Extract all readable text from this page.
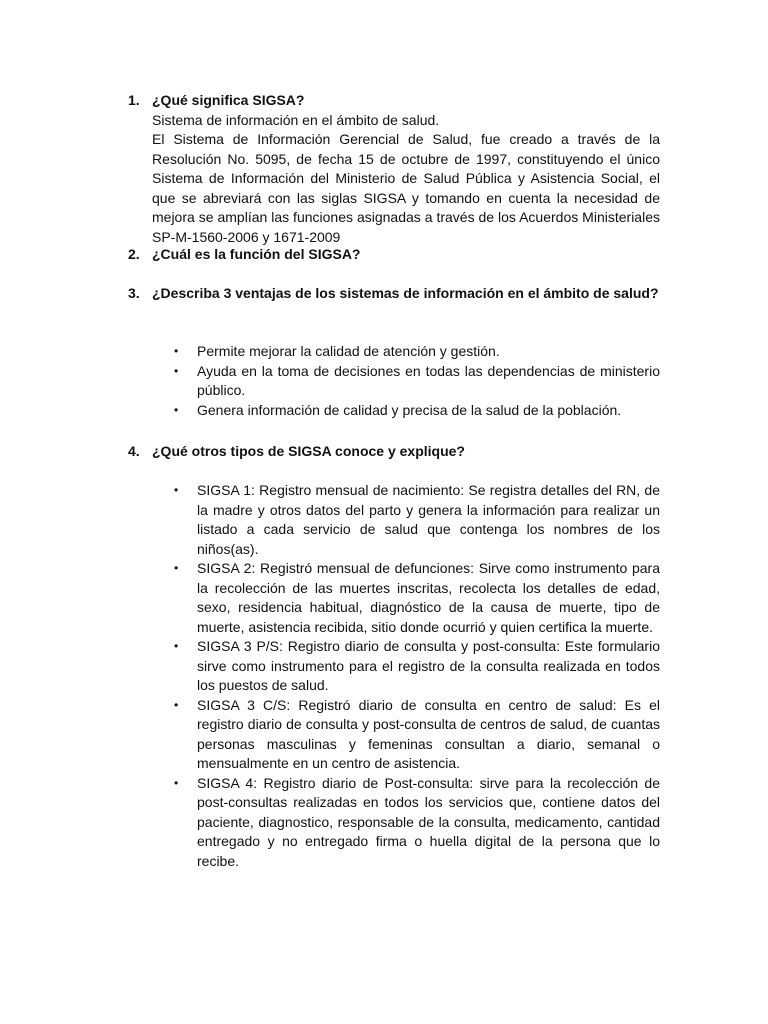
1. ¿Qué significa SIGSA?

Sistema de información en el ámbito de salud.

El Sistema de Información Gerencial de Salud, fue creado a través de la Resolución No. 5095, de fecha 15 de octubre de 1997, constituyendo el único Sistema de Información del Ministerio de Salud Pública y Asistencia Social, el que se abreviará con las siglas SIGSA y tomando en cuenta la necesidad de mejora se amplían las funciones asignadas a través de los Acuerdos Ministeriales SP-M-1560-2006 y 1671-2009

2. ¿Cuál es la función del SIGSA?
3. ¿Describa 3 ventajas de los sistemas de información en el ámbito de salud?
• Permite mejorar la calidad de atención y gestión.
• Ayuda en la toma de decisiones en todas las dependencias de ministerio público.
• Genera información de calidad y precisa de la salud de la población.
4. ¿Qué otros tipos de SIGSA conoce y explique?
• SIGSA 1: Registro mensual de nacimiento: Se registra detalles del RN, de la madre y otros datos del parto y genera la información para realizar un listado a cada servicio de salud que contenga los nombres de los niños(as).
• SIGSA 2: Registró mensual de defunciones: Sirve como instrumento para la recolección de las muertes inscritas, recolecta los detalles de edad, sexo, residencia habitual, diagnóstico de la causa de muerte, tipo de muerte, asistencia recibida, sitio donde ocurrió y quien certifica la muerte.
• SIGSA 3 P/S: Registro diario de consulta y post-consulta: Este formulario sirve como instrumento para el registro de la consulta realizada en todos los puestos de salud.
• SIGSA 3 C/S: Registró diario de consulta en centro de salud: Es el registro diario de consulta y post-consulta de centros de salud, de cuantas personas masculinas y femeninas consultan a diario, semanal o mensualmente en un centro de asistencia.
• SIGSA 4: Registro diario de Post-consulta: sirve para la recolección de post-consultas realizadas en todos los servicios que, contiene datos del paciente, diagnostico, responsable de la consulta, medicamento, cantidad entregado y no entregado firma o huella digital de la persona que lo recibe.
